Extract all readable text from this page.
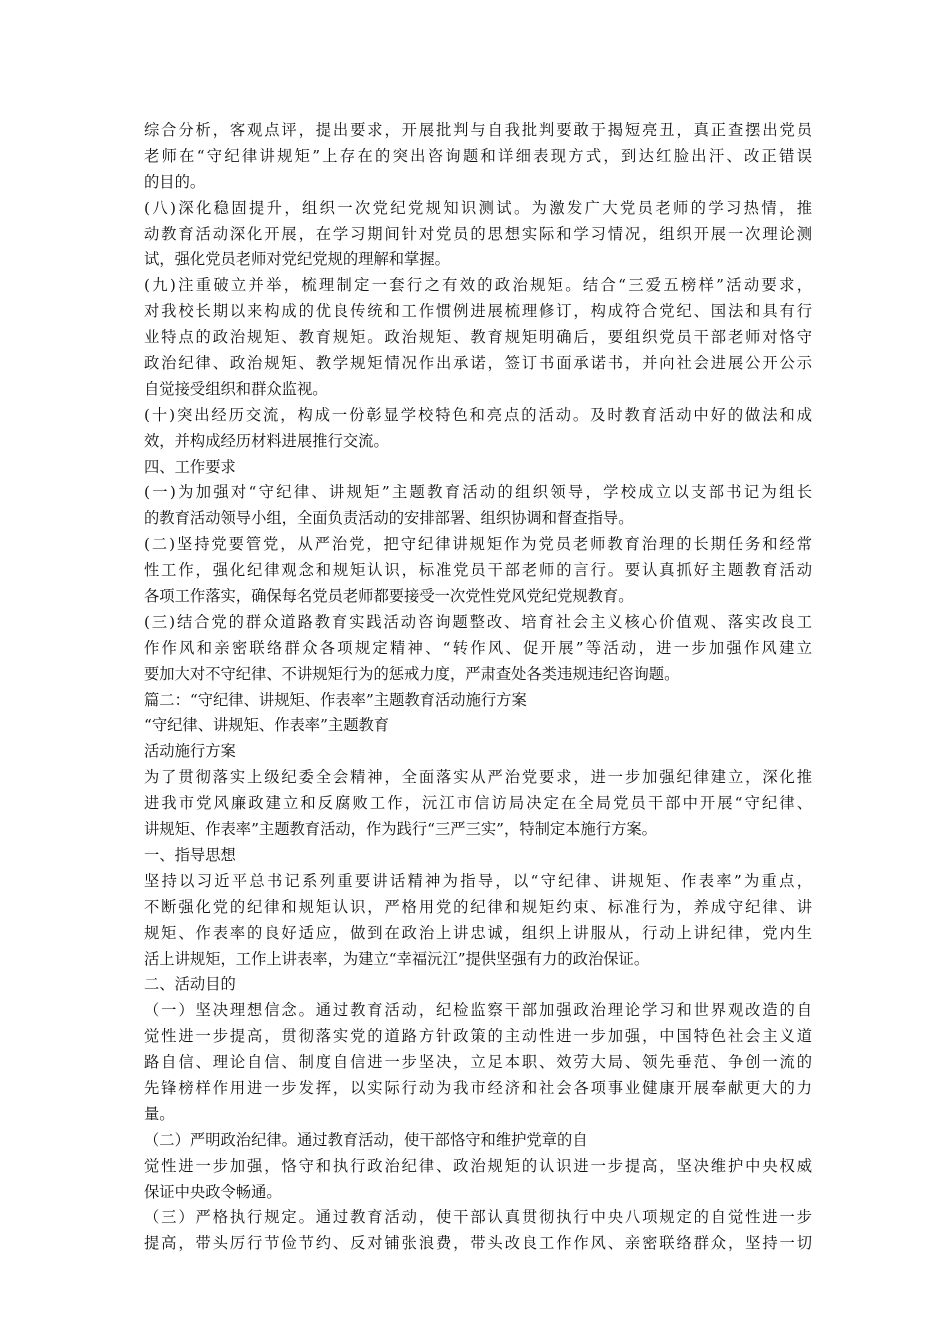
综合分析，客观点评，提出要求，开展批判与自我批判要敢于揭短亮丑，真正查摆出党员
老师在“守纪律讲规矩”上存在的突出咨询题和详细表现方式，到达红脸出汗、改正错误
的目的。
(八)深化稳固提升，组织一次党纪党规知识测试。为激发广大党员老师的学习热情，推
动教育活动深化开展，在学习期间针对党员的思想实际和学习情况，组织开展一次理论测
试，强化党员老师对党纪党规的理解和掌握。
(九)注重破立并举，梳理制定一套行之有效的政治规矩。结合“三爱五榜样”活动要求，
对我校长期以来构成的优良传统和工作惯例进展梳理修订，构成符合党纪、国法和具有行
业特点的政治规矩、教育规矩。政治规矩、教育规矩明确后，要组织党员干部老师对恪守
政治纪律、政治规矩、教学规矩情况作出承诺，签订书面承诺书，并向社会进展公开公示
自觉接受组织和群众监视。
(十)突出经历交流，构成一份彰显学校特色和亮点的活动。及时教育活动中好的做法和成
效，并构成经历材料进展推行交流。
四、工作要求
(一)为加强对“守纪律、讲规矩”主题教育活动的组织领导，学校成立以支部书记为组长
的教育活动领导小组，全面负责活动的安排部署、组织协调和督查指导。
(二)坚持党要管党，从严治党，把守纪律讲规矩作为党员老师教育治理的长期任务和经常
性工作，强化纪律观念和规矩认识，标准党员干部老师的言行。要认真抓好主题教育活动
各项工作落实，确保每名党员老师都要接受一次党性党风党纪党规教育。
(三)结合党的群众道路教育实践活动咨询题整改、培育社会主义核心价值观、落实改良工
作作风和亲密联络群众各项规定精神、“转作风、促开展”等活动，进一步加强作风建立
要加大对不守纪律、不讲规矩行为的惩戒力度，严肃查处各类违规违纪咨询题。
篇二：“守纪律、讲规矩、作表率”主题教育活动施行方案
“守纪律、讲规矩、作表率”主题教育
活动施行方案
为了贯彻落实上级纪委全会精神，全面落实从严治党要求，进一步加强纪律建立，深化推
进我市党风廉政建立和反腐败工作，沅江市信访局决定在全局党员干部中开展“守纪律、
讲规矩、作表率”主题教育活动，作为践行“三严三实”，特制定本施行方案。
一、指导思想
坚持以习近平总书记系列重要讲话精神为指导，以“守纪律、讲规矩、作表率”为重点，
不断强化党的纪律和规矩认识，严格用党的纪律和规矩约束、标准行为，养成守纪律、讲
规矩、作表率的良好适应，做到在政治上讲忠诚，组织上讲服从，行动上讲纪律，党内生
活上讲规矩，工作上讲表率，为建立“幸福沅江”提供坚强有力的政治保证。
二、活动目的
（一）坚决理想信念。通过教育活动，纪检监察干部加强政治理论学习和世界观改造的自
觉性进一步提高，贯彻落实党的道路方针政策的主动性进一步加强，中国特色社会主义道
路自信、理论自信、制度自信进一步坚决，立足本职、效劳大局、领先垂范、争创一流的
先锋榜样作用进一步发挥，以实际行动为我市经济和社会各项事业健康开展奉献更大的力
量。
（二）严明政治纪律。通过教育活动，使干部恪守和维护党章的自
觉性进一步加强，恪守和执行政治纪律、政治规矩的认识进一步提高，坚决维护中央权威
保证中央政令畅通。
（三）严格执行规定。通过教育活动，使干部认真贯彻执行中央八项规定的自觉性进一步
提高，带头厉行节俭节约、反对铺张浪费，带头改良工作作风、亲密联络群众，坚持一切
